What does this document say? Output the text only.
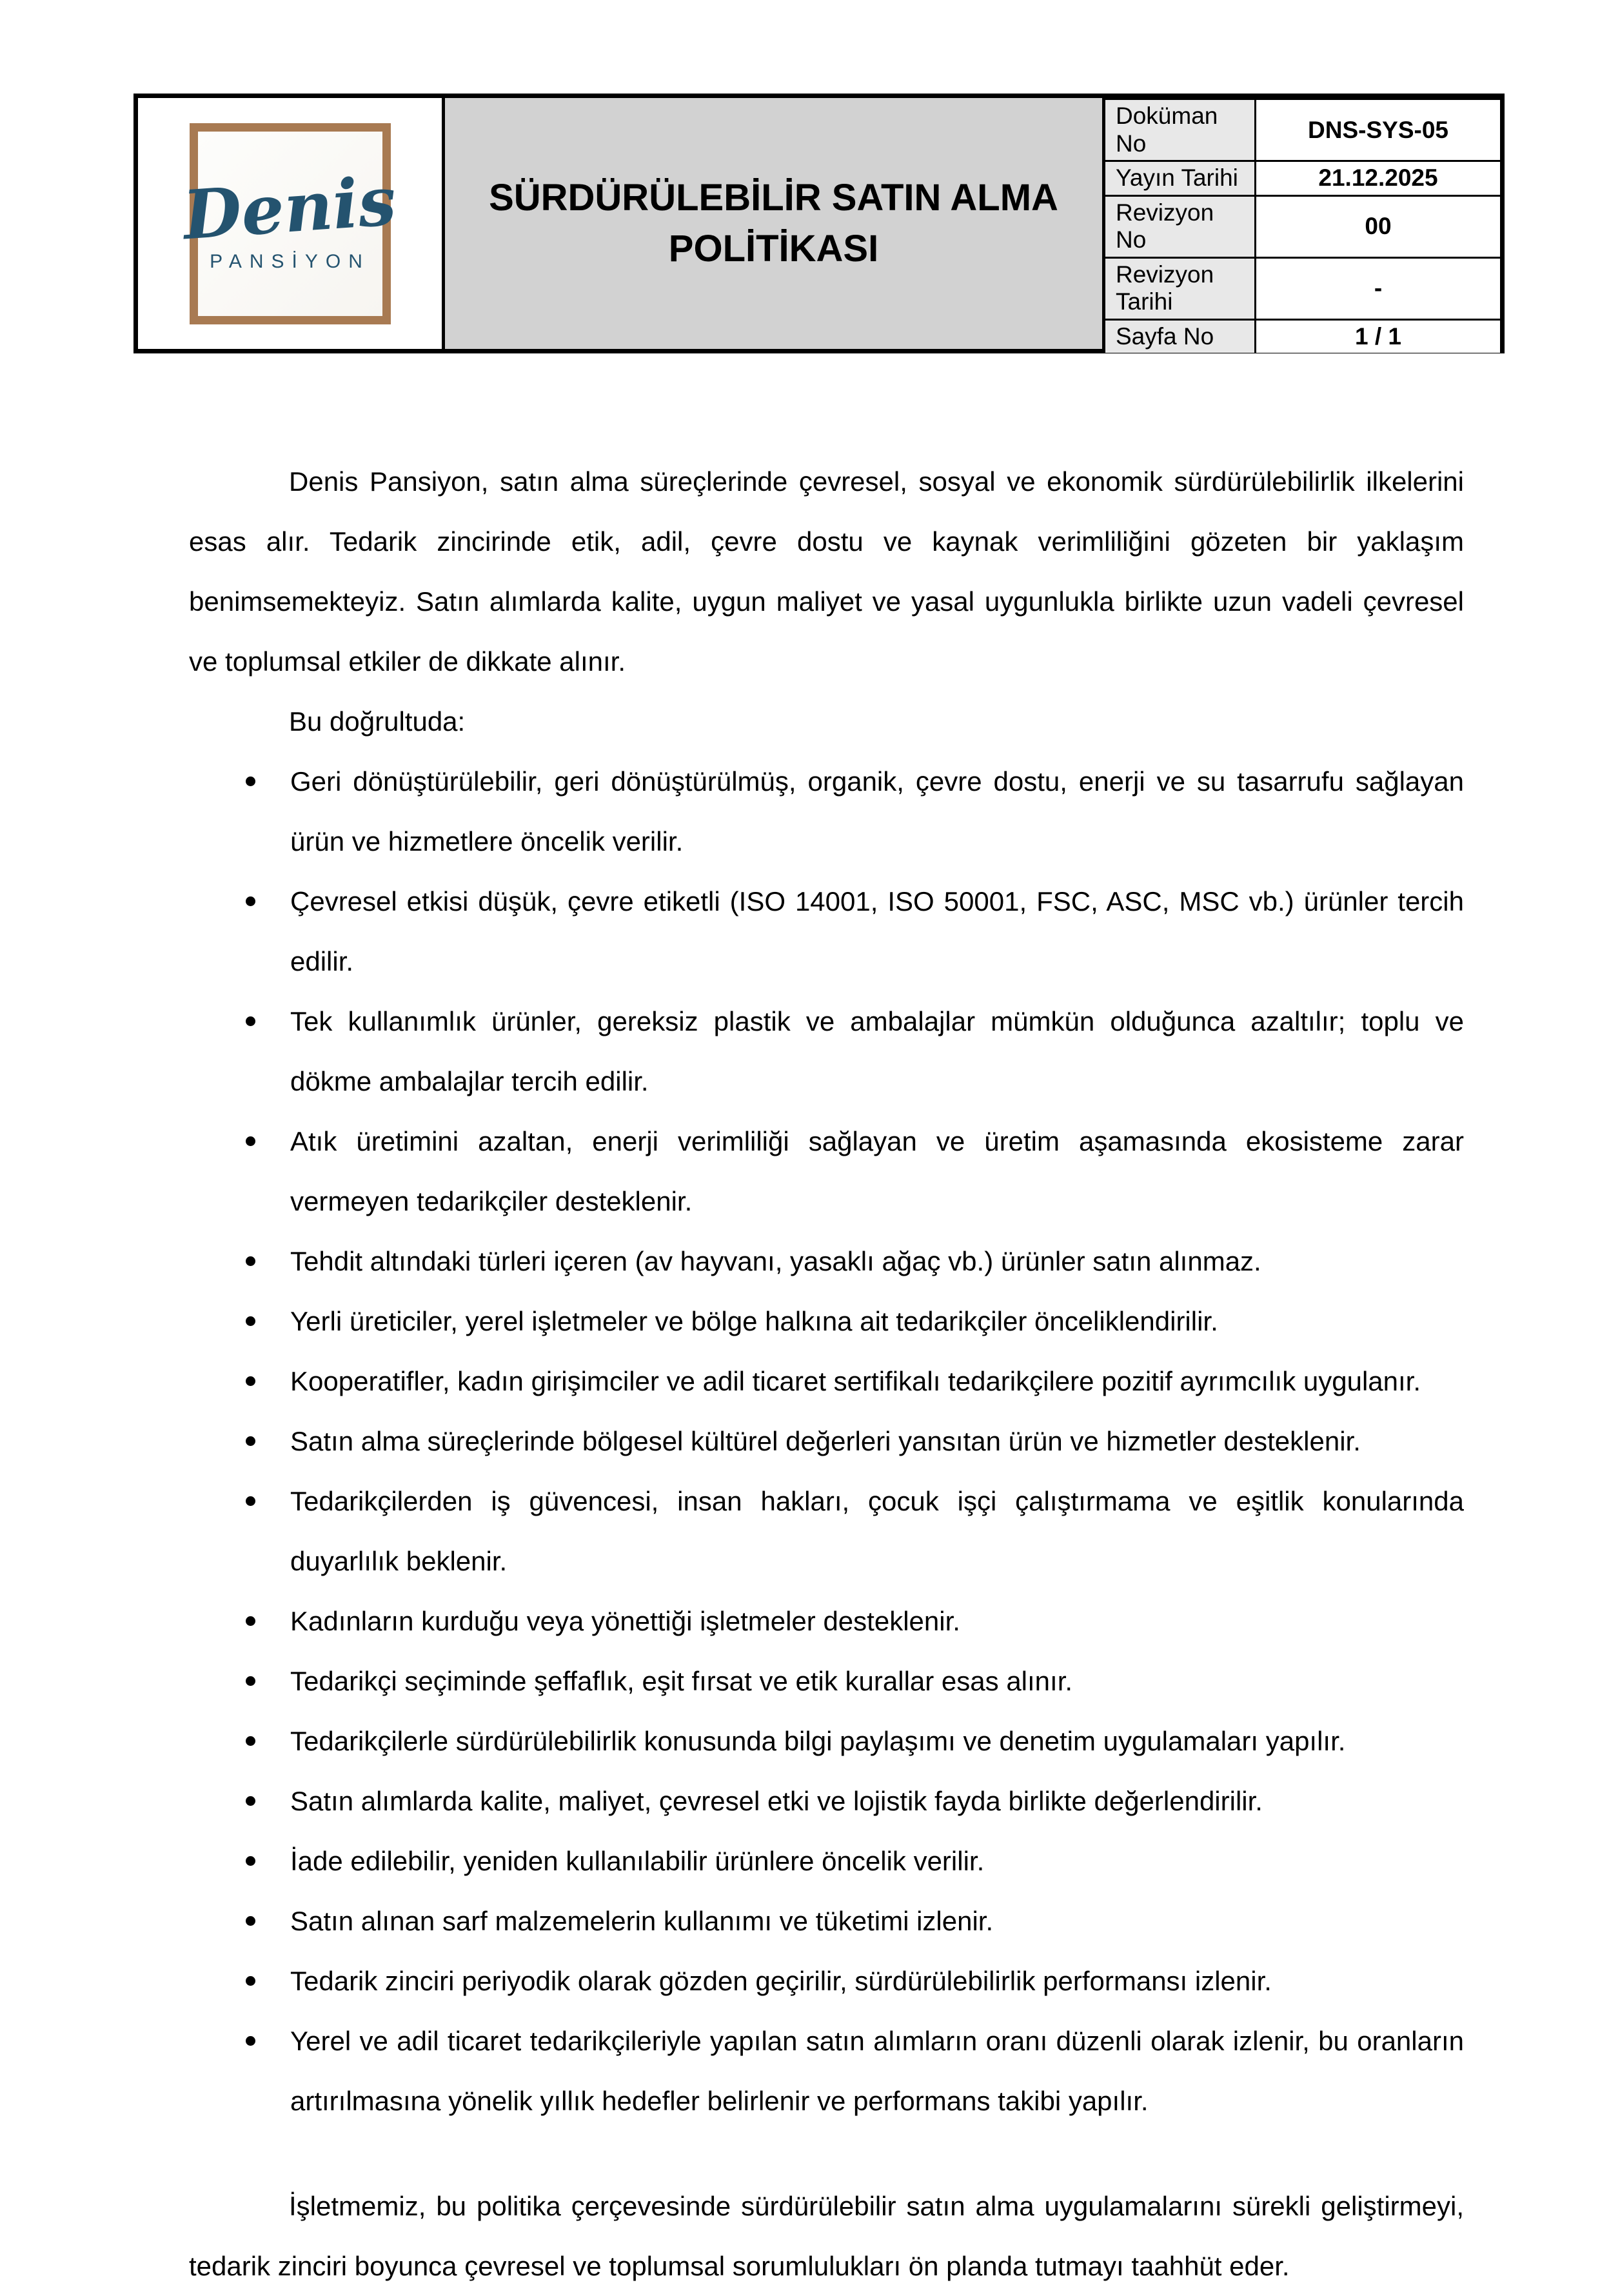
Denis
PANSİYON
SÜRDÜRÜLEBİLİR SATIN ALMA POLİTİKASI
Doküman No
DNS-SYS-05
Yayın Tarihi	21.12.2025
Revizyon No
00
Revizyon Tarihi
-
Sayfa No	1 / 1

Denis Pansiyon, satın alma süreçlerinde çevresel, sosyal ve ekonomik sürdürülebilirlik ilkelerini esas alır. Tedarik zincirinde etik, adil, çevre dostu ve kaynak verimliliğini gözeten bir yaklaşım benimsemekteyiz. Satın alımlarda kalite, uygun maliyet ve yasal uygunlukla birlikte uzun vadeli çevresel ve toplumsal etkiler de dikkate alınır.

Bu doğrultuda:

Geri dönüştürülebilir, geri dönüştürülmüş, organik, çevre dostu, enerji ve su tasarrufu sağlayan ürün ve hizmetlere öncelik verilir.
Çevresel etkisi düşük, çevre etiketli (ISO 14001, ISO 50001, FSC, ASC, MSC vb.) ürünler tercih edilir.
Tek kullanımlık ürünler, gereksiz plastik ve ambalajlar mümkün olduğunca azaltılır; toplu ve dökme ambalajlar tercih edilir.
Atık üretimini azaltan, enerji verimliliği sağlayan ve üretim aşamasında ekosisteme zarar vermeyen tedarikçiler desteklenir.
Tehdit altındaki türleri içeren (av hayvanı, yasaklı ağaç vb.) ürünler satın alınmaz.
Yerli üreticiler, yerel işletmeler ve bölge halkına ait tedarikçiler önceliklendirilir.
Kooperatifler, kadın girişimciler ve adil ticaret sertifikalı tedarikçilere pozitif ayrımcılık uygulanır.
Satın alma süreçlerinde bölgesel kültürel değerleri yansıtan ürün ve hizmetler desteklenir.
Tedarikçilerden iş güvencesi, insan hakları, çocuk işçi çalıştırmama ve eşitlik konularında duyarlılık beklenir.
Kadınların kurduğu veya yönettiği işletmeler desteklenir.
Tedarikçi seçiminde şeffaflık, eşit fırsat ve etik kurallar esas alınır.
Tedarikçilerle sürdürülebilirlik konusunda bilgi paylaşımı ve denetim uygulamaları yapılır.
Satın alımlarda kalite, maliyet, çevresel etki ve lojistik fayda birlikte değerlendirilir.
İade edilebilir, yeniden kullanılabilir ürünlere öncelik verilir.
Satın alınan sarf malzemelerin kullanımı ve tüketimi izlenir.
Tedarik zinciri periyodik olarak gözden geçirilir, sürdürülebilirlik performansı izlenir.
Yerel ve adil ticaret tedarikçileriyle yapılan satın alımların oranı düzenli olarak izlenir, bu oranların artırılmasına yönelik yıllık hedefler belirlenir ve performans takibi yapılır.

İşletmemiz, bu politika çerçevesinde sürdürülebilir satın alma uygulamalarını sürekli geliştirmeyi, tedarik zinciri boyunca çevresel ve toplumsal sorumlulukları ön planda tutmayı taahhüt eder.
